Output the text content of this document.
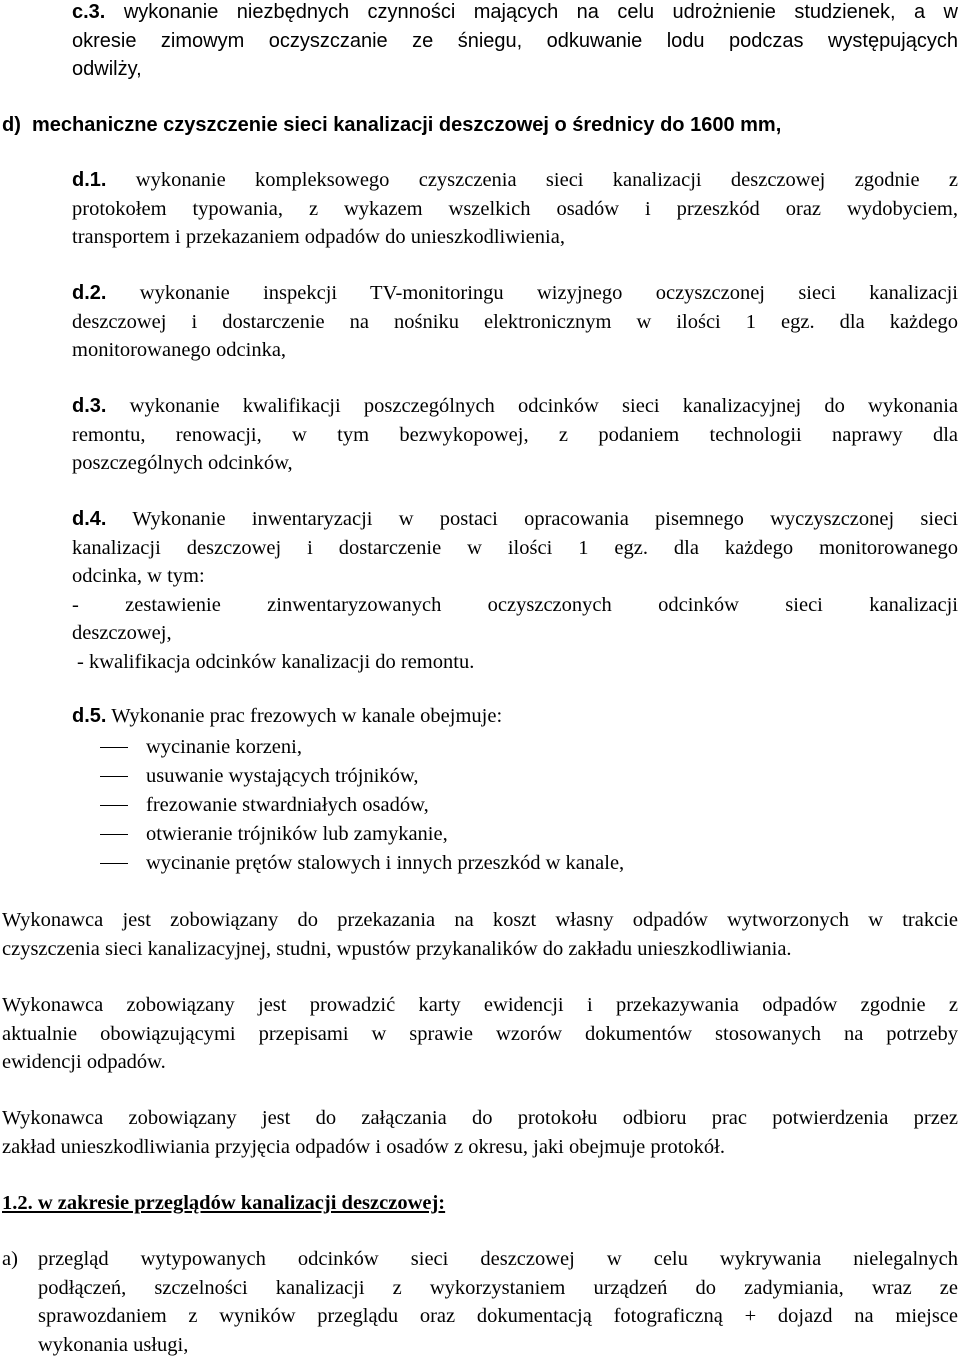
c.3. wykonanie niezbędnych czynności mających na celu udrożnienie studzienek, a w
okresie zimowym oczyszczanie ze śniegu, odkuwanie lodu podczas występujących
odwilży,
d) mechaniczne czyszczenie sieci kanalizacji deszczowej o średnicy do 1600 mm,
d.1. wykonanie kompleksowego czyszczenia sieci kanalizacji deszczowej zgodnie z
protokołem typowania, z wykazem wszelkich osadów i przeszkód oraz wydobyciem,
transportem i przekazaniem odpadów do unieszkodliwienia,
d.2. wykonanie inspekcji TV-monitoringu wizyjnego oczyszczonej sieci kanalizacji
deszczowej i dostarczenie na nośniku elektronicznym w ilości 1 egz. dla każdego
monitorowanego odcinka,
d.3. wykonanie kwalifikacji poszczególnych odcinków sieci kanalizacyjnej do wykonania
remontu, renowacji, w tym bezwykopowej, z podaniem technologii naprawy dla
poszczególnych odcinków,
d.4. Wykonanie inwentaryzacji w postaci opracowania pisemnego wyczyszczonej sieci
kanalizacji deszczowej i dostarczenie w ilości 1 egz. dla każdego monitorowanego
odcinka, w tym:
- zestawienie zinwentaryzowanych oczyszczonych odcinków sieci kanalizacji
deszczowej,
- kwalifikacja odcinków kanalizacji do remontu.
d.5. Wykonanie prac frezowych w kanale obejmuje:
wycinanie korzeni,
usuwanie wystających trójników,
frezowanie stwardniałych osadów,
otwieranie trójników lub zamykanie,
wycinanie prętów stalowych i innych przeszkód w kanale,
Wykonawca jest zobowiązany do przekazania na koszt własny odpadów wytworzonych w trakcie
czyszczenia sieci kanalizacyjnej, studni, wpustów przykanalików do zakładu unieszkodliwiania.
Wykonawca zobowiązany jest prowadzić karty ewidencji i przekazywania odpadów zgodnie z
aktualnie obowiązującymi przepisami w sprawie wzorów dokumentów stosowanych na potrzeby
ewidencji odpadów.
Wykonawca zobowiązany jest do załączania do protokołu odbioru prac potwierdzenia przez
zakład unieszkodliwiania przyjęcia odpadów i osadów z okresu, jaki obejmuje protokół.
1.2. w zakresie przeglądów kanalizacji deszczowej:
a) przegląd wytypowanych odcinków sieci deszczowej w celu wykrywania nielegalnych
podłączeń, szczelności kanalizacji z wykorzystaniem urządzeń do zadymiania, wraz ze
sprawozdaniem z wyników przeglądu oraz dokumentacją fotograficzną + dojazd na miejsce
wykonania usługi,
